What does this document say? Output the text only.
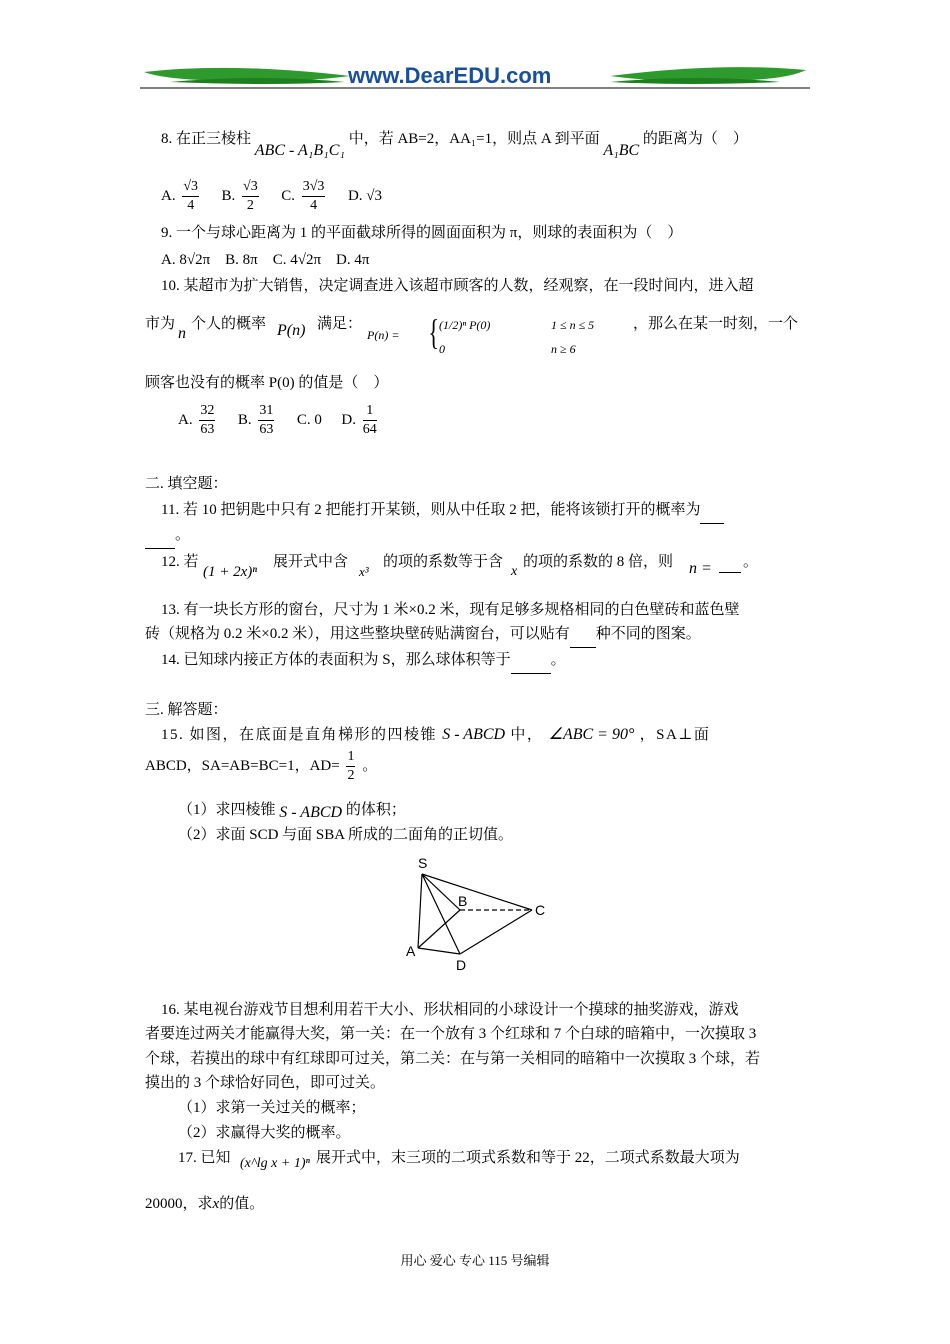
www.DearEDU.com
8. 在正三棱柱 ABC - A₁B₁C₁ 中，若 AB=2，AA₁=1，则点 A 到平面 A₁BC 的距离为（　）
A. $\frac{√3}{4} B$. $\frac{√3}{2} C$. $\frac{3√3}{4} D$. √3
9. 一个与球心距离为 1 的平面截球所得的圆面面积为 π，则球的表面积为（　）
A. 8√2π　B. 8π　C. 4√2π　D. 4π
10. 某超市为扩大销售，决定调查进入该超市顾客的人数，经观察，在一段时间内，进入超
市为
n
个人的概率 P(n) 满足：
P(n) = { (1/2)ⁿ P(0)	1 ≤ n ≤ 5
0	n ≥ 6
，那么在某一时刻，一个
顾客也没有的概率 P(0) 的值是（　）
A. $\frac{32}{63} B$. $\frac{31}{63} C$. 0 D. $\frac{1}{64}$
二. 填空题：
11. 若 10 把钥匙中只有 2 把能打开某锁，则从中任取 2 把，能将该锁打开的概率为
。
12. 若
(1 + 2x)ⁿ
展开式中含
x³
的项的系数等于含
x
的项的系数的 8 倍，则 n = 。
13. 有一块长方形的窗台，尺寸为 1 米×0.2 米，现有足够多规格相同的白色壁砖和蓝色壁
砖（规格为 0.2 米×0.2 米），用这些整块壁砖贴满窗台，可以贴有 种不同的图案。
14. 已知球内接正方体的表面积为 S，那么球体积等于	。
三. 解答题：
15. 如图，在底面是直角梯形的四棱锥 S - ABCD 中， ∠ABC = 90° ，SA⊥面
ABCD，SA=AB=BC=1，$AD= \frac{1}{2}$ 。
（1）求四棱锥 S - ABCD 的体积；
（2）求面 SCD 与面 SBA 所成的二面角的正切值。
S
B
C
A
D
16. 某电视台游戏节目想利用若干大小、形状相同的小球设计一个摸球的抽奖游戏，游戏
者要连过两关才能赢得大奖，第一关：在一个放有 3 个红球和 7 个白球的暗箱中，一次摸取 3
个球，若摸出的球中有红球即可过关，第二关：在与第一关相同的暗箱中一次摸取 3 个球，若
摸出的 3 个球恰好同色，即可过关。
（1）求第一关过关的概率；
（2）求赢得大奖的概率。
17. 已知 (x^lg x + 1)ⁿ 展开式中，末三项的二项式系数和等于 22，二项式系数最大项为
20000，求x的值。
用心 爱心 专心 115 号编辑
